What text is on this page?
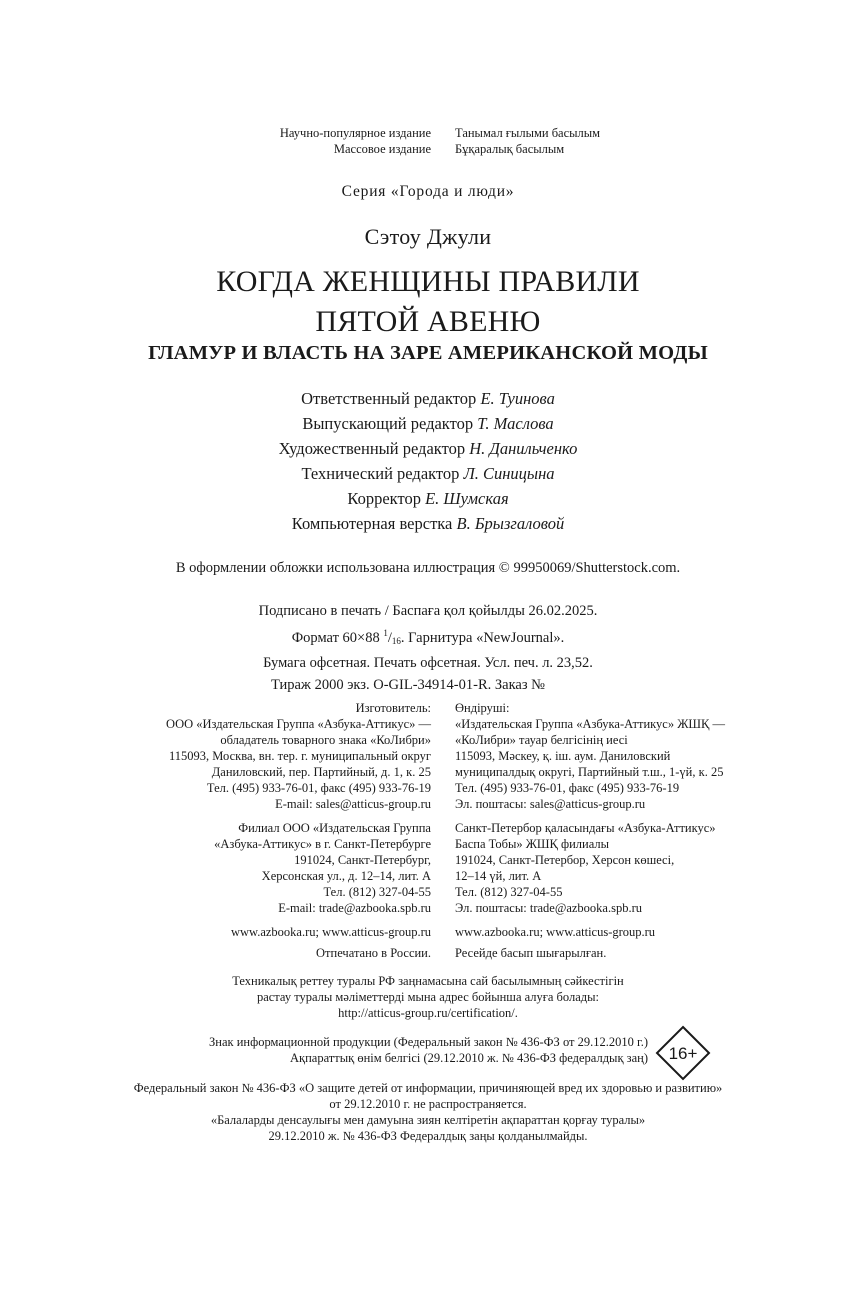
Научно-популярное издание
Массовое издание
Танымал ғылыми басылым
Бұқаралық басылым
Серия «Города и люди»
Сэтоу Джули
КОГДА ЖЕНЩИНЫ ПРАВИЛИ
ПЯТОЙ АВЕНЮ
ГЛАМУР И ВЛАСТЬ НА ЗАРЕ АМЕРИКАНСКОЙ МОДЫ
Ответственный редактор Е. Туинова
Выпускающий редактор Т. Маслова
Художественный редактор Н. Данильченко
Технический редактор Л. Синицына
Корректор Е. Шумская
Компьютерная верстка В. Брызгаловой
В оформлении обложки использована иллюстрация © 99950069/Shutterstock.com.
Подписано в печать / Баспаға қол қойылды 26.02.2025.
Формат 60×88 $^1/_{16}$. Гарнитура «NewJournal».
Бумага офсетная. Печать офсетная. Усл. печ. л. 23,52.
Тираж 2000 экз. O-GIL-34914-01-R. Заказ №
Изготовитель:
ООО «Издательская Группа «Азбука-Аттикус» —
обладатель товарного знака «КоЛибри»
115093, Москва, вн. тер. г. муниципальный округ
Даниловский, пер. Партийный, д. 1, к. 25
Тел. (495) 933-76-01, факс (495) 933-76-19
E-mail: sales@atticus-group.ru
Өндіруші:
«Издательская Группа «Азбука-Аттикус» ЖШҚ —
«КоЛибри» тауар белгісінің иесі
115093, Мәскеу, қ. іш. аум. Даниловский
муниципалдық округі, Партийный т.ш., 1-үй, к. 25
Тел. (495) 933-76-01, факс (495) 933-76-19
Эл. поштасы: sales@atticus-group.ru
Филиал ООО «Издательская Группа
«Азбука-Аттикус» в г. Санкт-Петербурге
191024, Санкт-Петербург,
Херсонская ул., д. 12–14, лит. А
Тел. (812) 327-04-55
E-mail: trade@azbooka.spb.ru
Санкт-Петербор қаласындағы «Азбука-Аттикус»
Баспа Тобы» ЖШҚ филиалы
191024, Санкт-Петербор, Херсон көшесі,
12–14 үй, лит. А
Тел. (812) 327-04-55
Эл. поштасы: trade@azbooka.spb.ru
www.azbooka.ru; www.atticus-group.ru www.azbooka.ru; www.atticus-group.ru
Отпечатано в России. Ресейде басып шығарылған.
Техникалық реттеу туралы РФ заңнамасына сай басылымның сәйкестігін
растау туралы мәліметтерді мына адрес бойынша алуға болады:
http://atticus-group.ru/certification/.
Знак информационной продукции (Федеральный закон № 436-ФЗ от 29.12.2010 г.)
Ақпараттық өнім белгісі (29.12.2010 ж. № 436-ФЗ федералдық заң) 16+
Федеральный закон № 436-ФЗ «О защите детей от информации, причиняющей вред их здоровью и развитию»
от 29.12.2010 г. не распространяется.
«Балаларды денсаулығы мен дамуына зиян келтіретін ақпараттан қорғау туралы»
29.12.2010 ж. № 436-ФЗ Федералдық заңы қолданылмайды.
